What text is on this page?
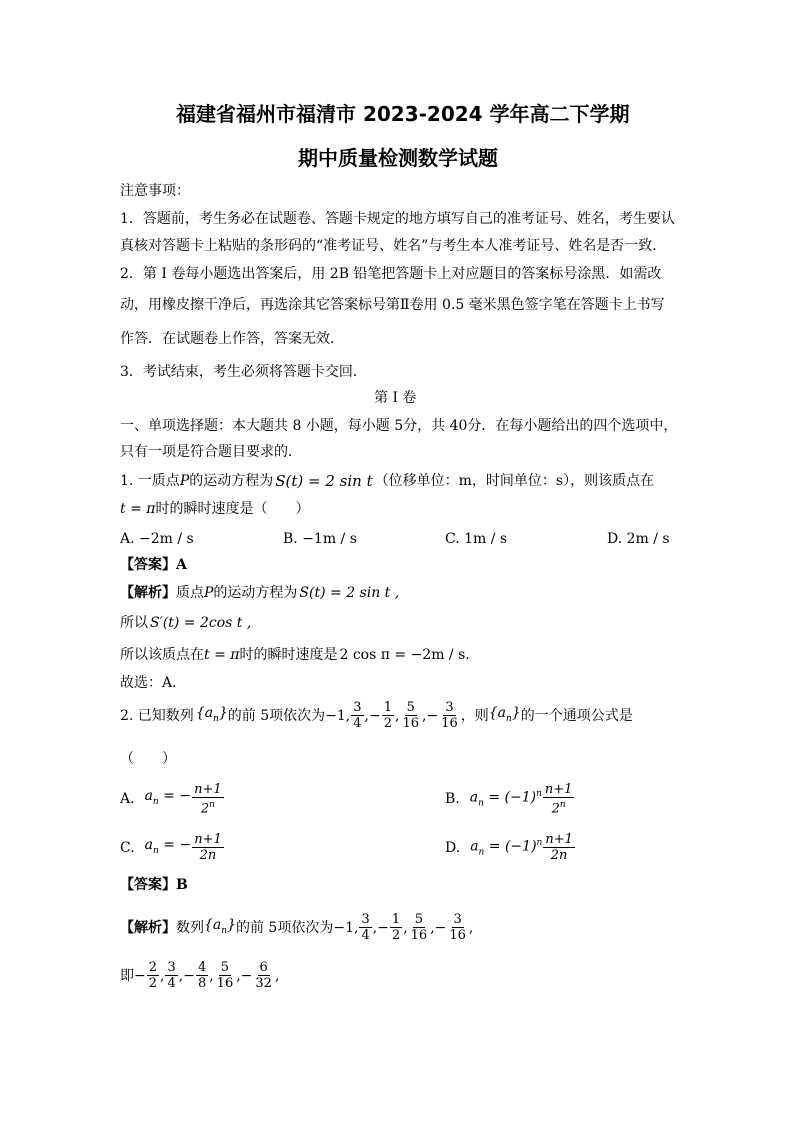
福建省福州市福清市 2023-2024 学年高二下学期
期中质量检测数学试题
注意事项：
1．答题前，考生务必在试题卷、答题卡规定的地方填写自己的准考证号、姓名，考生要认
真核对答题卡上粘贴的条形码的“准考证号、姓名”与考生本人准考证号、姓名是否一致．
2．第 I 卷每小题选出答案后，用 2B 铅笔把答题卡上对应题目的答案标号涂黑．如需改
动，用橡皮擦干净后，再选涂其它答案标号第Ⅱ卷用 0.5 毫米黑色签字笔在答题卡上书写
作答．在试题卷上作答，答案无效．
3．考试结束，考生必须将答题卡交回．
第 I 卷
一、单项选择题：本大题共 8 小题，每小题 5分，共 40分．在每小题给出的四个选项中，
只有一项是符合题目要求的．
1. 一质点 P 的运动方程为 S(t) = 2 sin t （位移单位：m，时间单位：s），则该质点在
t = π 时的瞬时速度是（　　）
A. −2m / s	B. −1m / s	C. 1m / s	D. 2m / s
【答案】A
【解析】 质点 P 的运动方程为 S(t) = 2 sin t ,
所以 S′(t) = 2cos t ,
所以该质点在 t = π 时的瞬时速度是 2 cos π = −2m / s.
故选：A．
2. 已知数列 $\{a_n\}$ 的前 5项依次为 −1, $\frac{3}{4}$ ,− $\frac{1}{2}$ , $\frac{5}{16}$ ,− $\frac{3}{16}$ ，则 $\{a_n\}$ 的一个通项公式是
（　　）
A. $a_n$ = − $\frac{n+1}{2^n}$	B. $a_n = (-1)^n \frac{n+1}{2^n}$
C. $a_n$ = − $\frac{n+1}{2n}$	D. $a_n = (-1)^n \frac{n+1}{2n}$
【答案】B
【解析】 数列 $\{a_n\}$ 的前 5项依次为 −1, $\frac{3}{4}$ ,− $\frac{1}{2}$ , $\frac{5}{16}$ ,− $\frac{3}{16}$ ,
即 − $\frac{2}{2}$ , $\frac{3}{4}$ ,− $\frac{4}{8}$ , $\frac{5}{16}$ ,− $\frac{6}{32}$ ,
